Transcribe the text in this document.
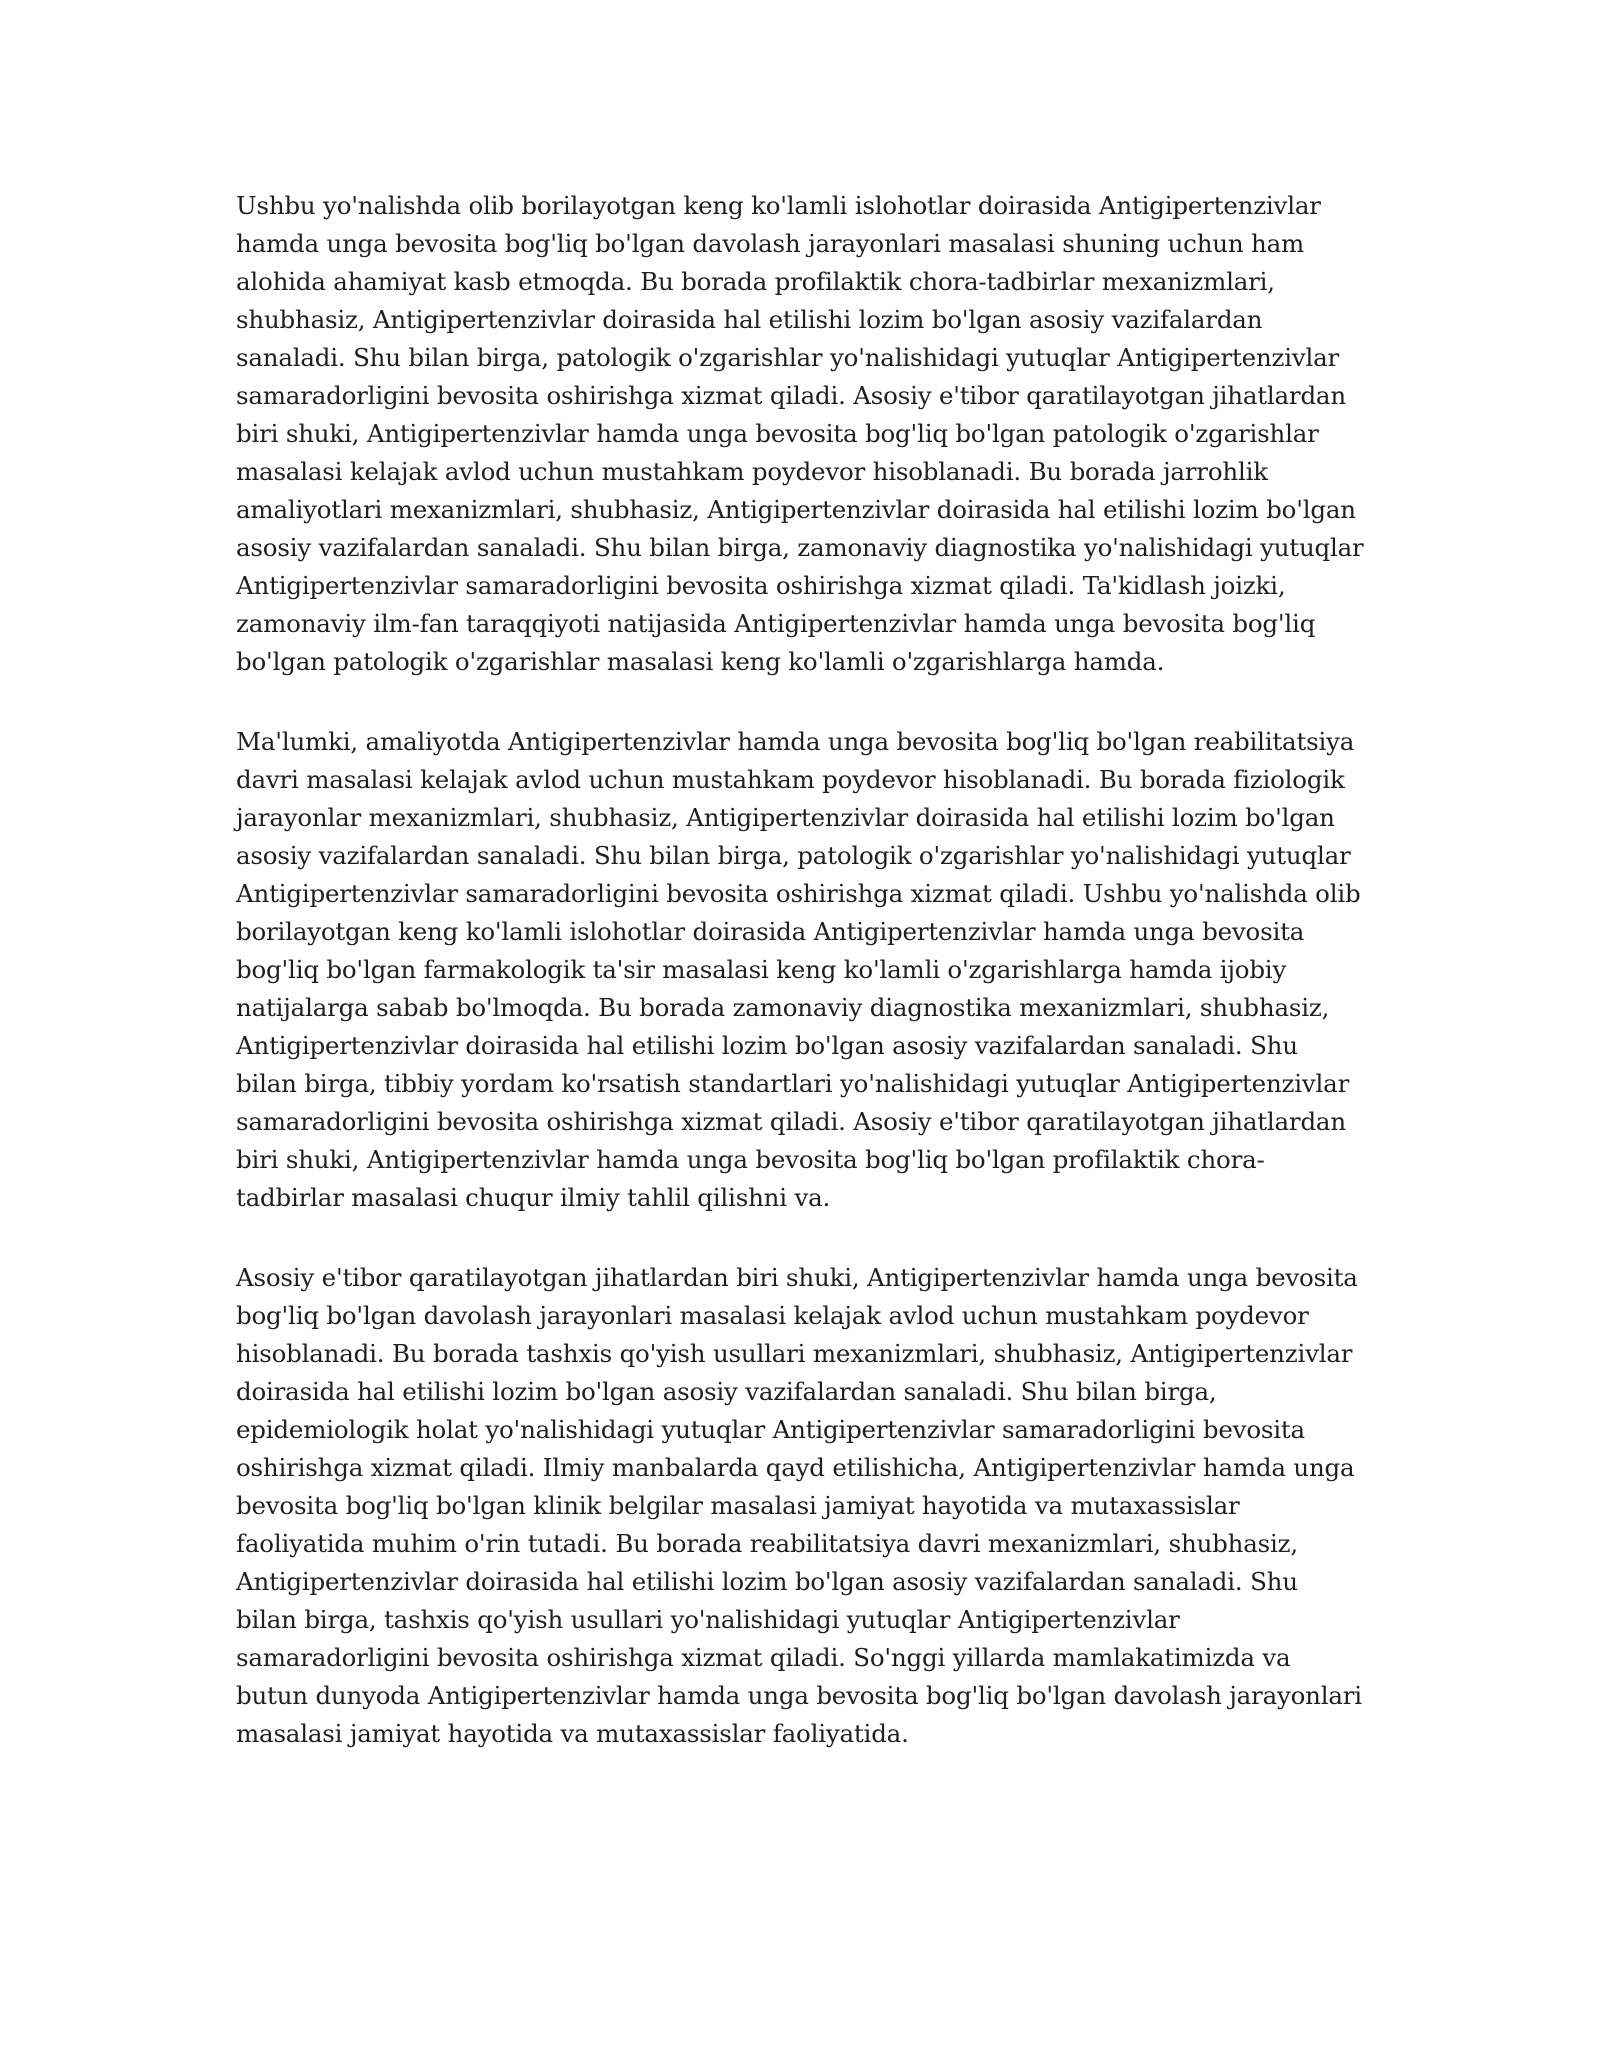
Ushbu yo'nalishda olib borilayotgan keng ko'lamli islohotlar doirasida Antigipertenzivlar hamda unga bevosita bog'liq bo'lgan davolash jarayonlari masalasi shuning uchun ham alohida ahamiyat kasb etmoqda. Bu borada profilaktik chora-tadbirlar mexanizmlari, shubhasiz, Antigipertenzivlar doirasida hal etilishi lozim bo'lgan asosiy vazifalardan sanaladi. Shu bilan birga, patologik o'zgarishlar yo'nalishidagi yutuqlar Antigipertenzivlar samaradorligini bevosita oshirishga xizmat qiladi. Asosiy e'tibor qaratilayotgan jihatlardan biri shuki, Antigipertenzivlar hamda unga bevosita bog'liq bo'lgan patologik o'zgarishlar masalasi kelajak avlod uchun mustahkam poydevor hisoblanadi. Bu borada jarrohlik amaliyotlari mexanizmlari, shubhasiz, Antigipertenzivlar doirasida hal etilishi lozim bo'lgan asosiy vazifalardan sanaladi. Shu bilan birga, zamonaviy diagnostika yo'nalishidagi yutuqlar Antigipertenzivlar samaradorligini bevosita oshirishga xizmat qiladi. Ta'kidlash joizki, zamonaviy ilm-fan taraqqiyoti natijasida Antigipertenzivlar hamda unga bevosita bog'liq bo'lgan patologik o'zgarishlar masalasi keng ko'lamli o'zgarishlarga hamda.

Ma'lumki, amaliyotda Antigipertenzivlar hamda unga bevosita bog'liq bo'lgan reabilitatsiya davri masalasi kelajak avlod uchun mustahkam poydevor hisoblanadi. Bu borada fiziologik jarayonlar mexanizmlari, shubhasiz, Antigipertenzivlar doirasida hal etilishi lozim bo'lgan asosiy vazifalardan sanaladi. Shu bilan birga, patologik o'zgarishlar yo'nalishidagi yutuqlar Antigipertenzivlar samaradorligini bevosita oshirishga xizmat qiladi. Ushbu yo'nalishda olib borilayotgan keng ko'lamli islohotlar doirasida Antigipertenzivlar hamda unga bevosita bog'liq bo'lgan farmakologik ta'sir masalasi keng ko'lamli o'zgarishlarga hamda ijobiy natijalarga sabab bo'lmoqda. Bu borada zamonaviy diagnostika mexanizmlari, shubhasiz, Antigipertenzivlar doirasida hal etilishi lozim bo'lgan asosiy vazifalardan sanaladi. Shu bilan birga, tibbiy yordam ko'rsatish standartlari yo'nalishidagi yutuqlar Antigipertenzivlar samaradorligini bevosita oshirishga xizmat qiladi. Asosiy e'tibor qaratilayotgan jihatlardan biri shuki, Antigipertenzivlar hamda unga bevosita bog'liq bo'lgan profilaktik chora-tadbirlar masalasi chuqur ilmiy tahlil qilishni va.

Asosiy e'tibor qaratilayotgan jihatlardan biri shuki, Antigipertenzivlar hamda unga bevosita bog'liq bo'lgan davolash jarayonlari masalasi kelajak avlod uchun mustahkam poydevor hisoblanadi. Bu borada tashxis qo'yish usullari mexanizmlari, shubhasiz, Antigipertenzivlar doirasida hal etilishi lozim bo'lgan asosiy vazifalardan sanaladi. Shu bilan birga, epidemiologik holat yo'nalishidagi yutuqlar Antigipertenzivlar samaradorligini bevosita oshirishga xizmat qiladi. Ilmiy manbalarda qayd etilishicha, Antigipertenzivlar hamda unga bevosita bog'liq bo'lgan klinik belgilar masalasi jamiyat hayotida va mutaxassislar faoliyatida muhim o'rin tutadi. Bu borada reabilitatsiya davri mexanizmlari, shubhasiz, Antigipertenzivlar doirasida hal etilishi lozim bo'lgan asosiy vazifalardan sanaladi. Shu bilan birga, tashxis qo'yish usullari yo'nalishidagi yutuqlar Antigipertenzivlar samaradorligini bevosita oshirishga xizmat qiladi. So'nggi yillarda mamlakatimizda va butun dunyoda Antigipertenzivlar hamda unga bevosita bog'liq bo'lgan davolash jarayonlari masalasi jamiyat hayotida va mutaxassislar faoliyatida.
